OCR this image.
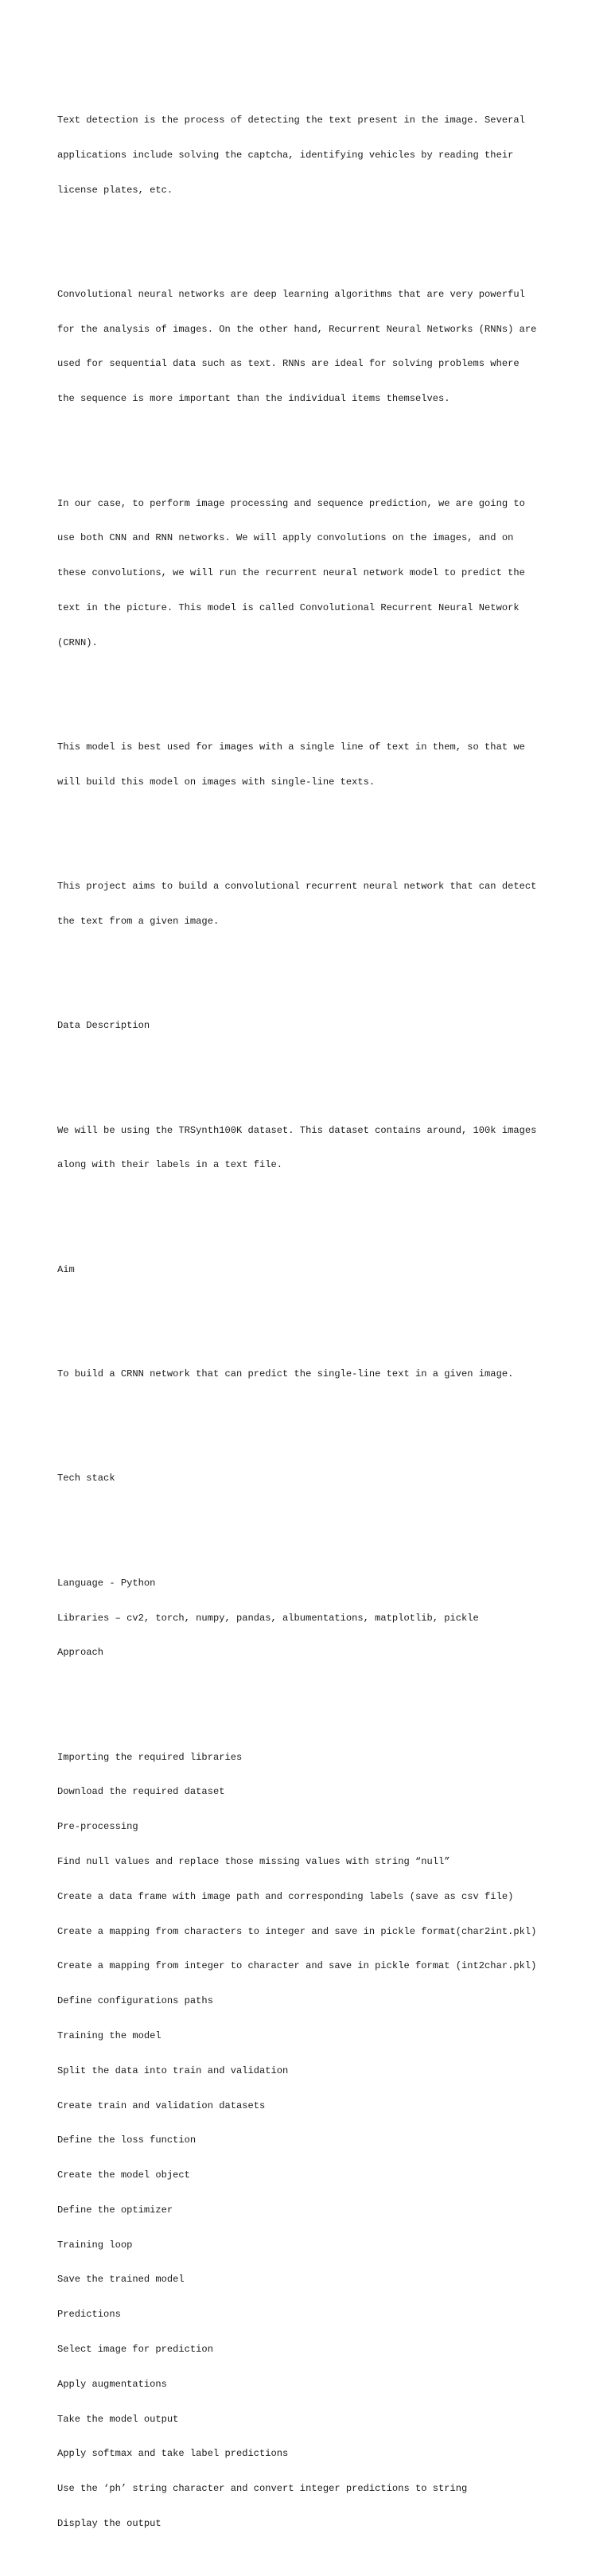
Text detection is the process of detecting the text present in the image. Several

applications include solving the captcha, identifying vehicles by reading their

license plates, etc.

Convolutional neural networks are deep learning algorithms that are very powerful

for the analysis of images. On the other hand, Recurrent Neural Networks (RNNs) are

used for sequential data such as text. RNNs are ideal for solving problems where

the sequence is more important than the individual items themselves.

In our case, to perform image processing and sequence prediction, we are going to

use both CNN and RNN networks. We will apply convolutions on the images, and on

these convolutions, we will run the recurrent neural network model to predict the

text in the picture. This model is called Convolutional Recurrent Neural Network

(CRNN).

This model is best used for images with a single line of text in them, so that we

will build this model on images with single-line texts.

This project aims to build a convolutional recurrent neural network that can detect

the text from a given image.

Data Description

We will be using the TRSynth100K dataset. This dataset contains around, 100k images

along with their labels in a text file.

Aim

To build a CRNN network that can predict the single-line text in a given image.

Tech stack

Language - Python

Libraries – cv2, torch, numpy, pandas, albumentations, matplotlib, pickle

Approach

Importing the required libraries

Download the required dataset

Pre-processing

Find null values and replace those missing values with string “null”

Create a data frame with image path and corresponding labels (save as csv file)

Create a mapping from characters to integer and save in pickle format(char2int.pkl)

Create a mapping from integer to character and save in pickle format (int2char.pkl)

Define configurations paths

Training the model

Split the data into train and validation

Create train and validation datasets

Define the loss function

Create the model object

Define the optimizer

Training loop

Save the trained model

Predictions

Select image for prediction

Apply augmentations

Take the model output

Apply softmax and take label predictions

Use the ‘ph’ string character and convert integer predictions to string

Display the output
